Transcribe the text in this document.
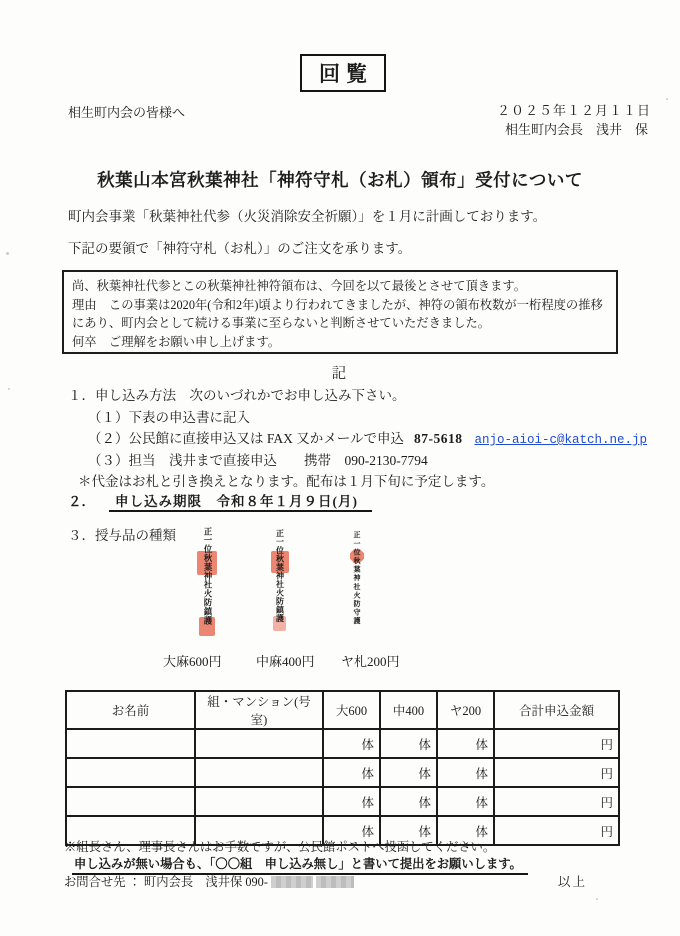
回覧
相生町内会の皆様へ	２０２５年１２月１１日
相生町内会長　浅井　保
秋葉山本宮秋葉神社「神符守札（お札）領布」受付について
町内会事業「秋葉神社代参（火災消除安全祈願）」を１月に計画しております。
下記の要領で「神符守札（お札）」のご注文を承ります。

尚、秋葉神社代参とこの秋葉神社神符領布は、今回を以て最後とさせて頂きます。

理由　この事業は2020年(令和2年)頃より行われてきましたが、神符の領布枚数が一桁程度の推移にあり、町内会として続ける事業に至らないと判断させていただきました。

何卒　ご理解をお願い申し上げます。

記
１．申し込み方法　次のいづれかでお申し込み下さい。
（１）下表の申込書に記入
（２）公民館に直接申込又は FAX 又かメールで申込 87-5618 anjo-aioi-c@katch.ne.jp
（３）担当　浅井まで直接申込　　携帯　090-2130-7794
＊代金はお札と引き換えとなります。配布は１月下旬に予定します。
２． 申し込み期限　令和８年１月９日(月)
３．授与品の種類	正一位秋葉神社火防鎮護	正一位秋葉神社火防鎮護	正一位秋葉神社火防守護
大麻600円	中麻400円 ヤ札200円
お名前	組・マンション(号室)	大600	中400	ヤ200	合計申込金額
		体	体	体	円
		体	体	体	円
		体	体	体	円
		体	体	体	円
※組長さん、理事長さんはお手数ですが、公民館ポストへ投函してください。
申し込みが無い場合も、「〇〇組　申し込み無し」と書いて提出をお願いします。
お問合せ先 ： 町内会長　浅井保 090-	以上
